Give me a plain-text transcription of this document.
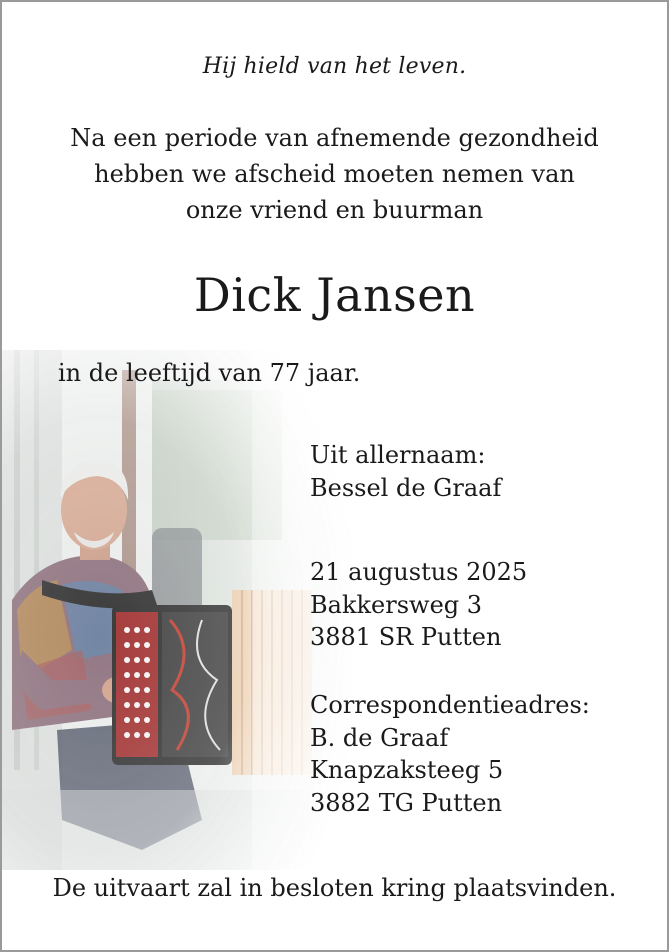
Hij hield van het leven.

Na een periode van afnemende gezondheid
hebben we afscheid moeten nemen van
onze vriend en buurman

Dick Jansen

in de leeftijd van 77 jaar.

Uit allernaam:
Bessel de Graaf
21 augustus 2025
Bakkersweg 3
3881 SR Putten
Correspondentieadres:
B. de Graaf
Knapzaksteeg 5
3882 TG Putten

De uitvaart zal in besloten kring plaatsvinden.
